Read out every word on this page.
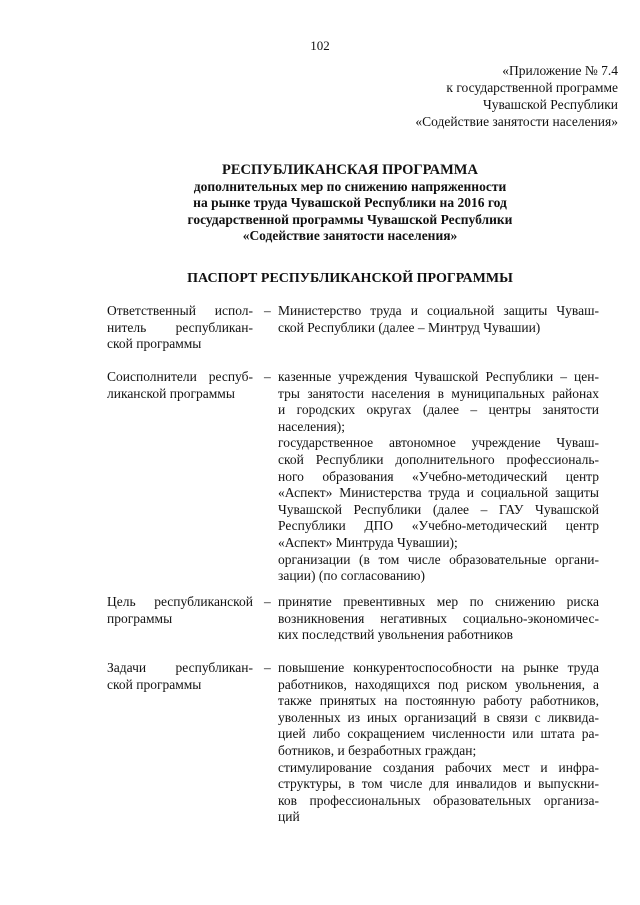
102
«Приложение № 7.4
к государственной программе
Чувашской Республики
«Содействие занятости населения»
РЕСПУБЛИКАНСКАЯ ПРОГРАММА
дополнительных мер по снижению напряженности
на рынке труда Чувашской Республики на 2016 год
государственной программы Чувашской Республики
«Содействие занятости населения»
ПАСПОРТ РЕСПУБЛИКАНСКОЙ ПРОГРАММЫ
Ответственный испол-
нитель республикан-
ской программы
– Министерство труда и социальной защиты Чуваш-
ской Республики (далее – Минтруд Чувашии)
Соисполнители респуб-
ликанской программы
– казенные учреждения Чувашской Республики – цен-
тры занятости населения в муниципальных районах
и городских округах (далее – центры занятости
населения);
государственное автономное учреждение Чуваш-
ской Республики дополнительного профессиональ-
ного образования «Учебно-методический центр
«Аспект» Министерства труда и социальной защиты
Чувашской Республики (далее – ГАУ Чувашской
Республики ДПО «Учебно-методический центр
«Аспект» Минтруда Чувашии);
организации (в том числе образовательные органи-
зации) (по согласованию)
Цель республиканской
программы
– принятие превентивных мер по снижению риска
возникновения негативных социально-экономичес-
ких последствий увольнения работников
Задачи республикан-
ской программы
– повышение конкурентоспособности на рынке труда
работников, находящихся под риском увольнения, а
также принятых на постоянную работу работников,
уволенных из иных организаций в связи с ликвида-
цией либо сокращением численности или штата ра-
ботников, и безработных граждан;
стимулирование создания рабочих мест и инфра-
структуры, в том числе для инвалидов и выпускни-
ков профессиональных образовательных организа-
ций
